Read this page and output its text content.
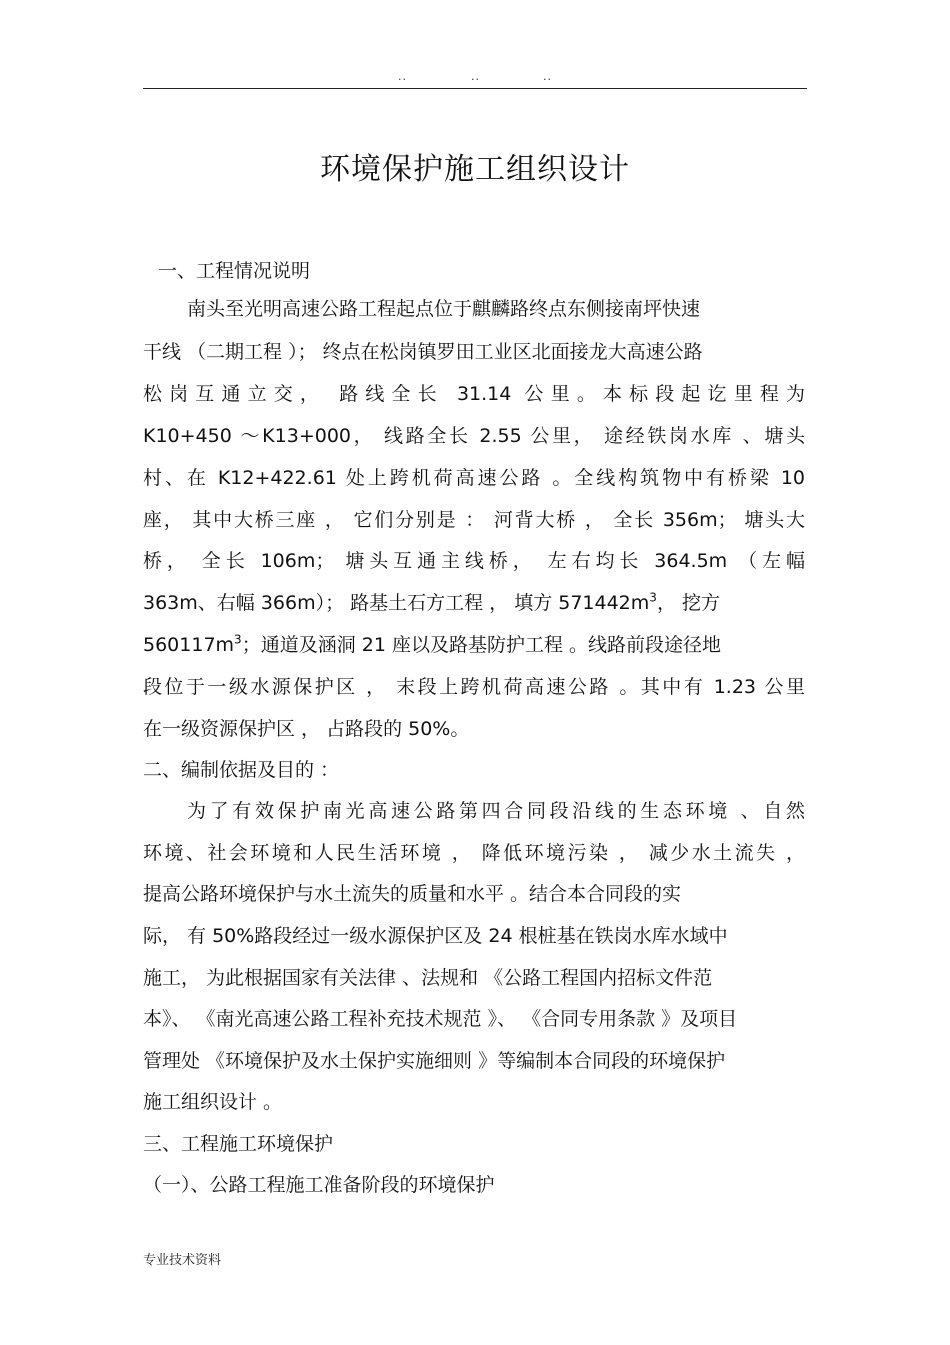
..	..	..
环境保护施工组织设计
一、工程情况说明
南头至光明高速公路工程起点位于麒麟路终点东侧接南坪快速
干线 （二期工程 ）； 终点在松岗镇罗田工业区北面接龙大高速公路
松岗互通立交， 路线全长 31.14 公里。本标段起讫里程为
K10+450 ～K13+000， 线路全长 2.55 公里， 途经铁岗水库 、塘头
村、在 K12+422.61 处上跨机荷高速公路 。全线构筑物中有桥梁 10
座， 其中大桥三座 ， 它们分别是 ： 河背大桥 ， 全长 356m； 塘头大
桥， 全长 106m； 塘头互通主线桥， 左右均长 364.5m （左幅
363m、右幅 366m）； 路基土石方工程 ， 填方 $571442m^3$， 挖方
$560117m^3$；通道及涵洞 21 座以及路基防护工程 。线路前段途径地
段位于一级水源保护区 ， 末段上跨机荷高速公路 。其中有 1.23 公里
在一级资源保护区 ， 占路段的 50%。
二、编制依据及目的 ：
为了有效保护南光高速公路第四合同段沿线的生态环境 、自然
环境、社会环境和人民生活环境 ， 降低环境污染 ， 减少水土流失 ，
提高公路环境保护与水土流失的质量和水平 。结合本合同段的实
际， 有 50%路段经过一级水源保护区及 24 根桩基在铁岗水库水域中
施工， 为此根据国家有关法律 、法规和 《公路工程国内招标文件范
本》、 《南光高速公路工程补充技术规范 》、 《合同专用条款 》及项目
管理处 《环境保护及水土保护实施细则 》等编制本合同段的环境保护
施工组织设计 。
三、工程施工环境保护
（一）、公路工程施工准备阶段的环境保护
专业技术资料
